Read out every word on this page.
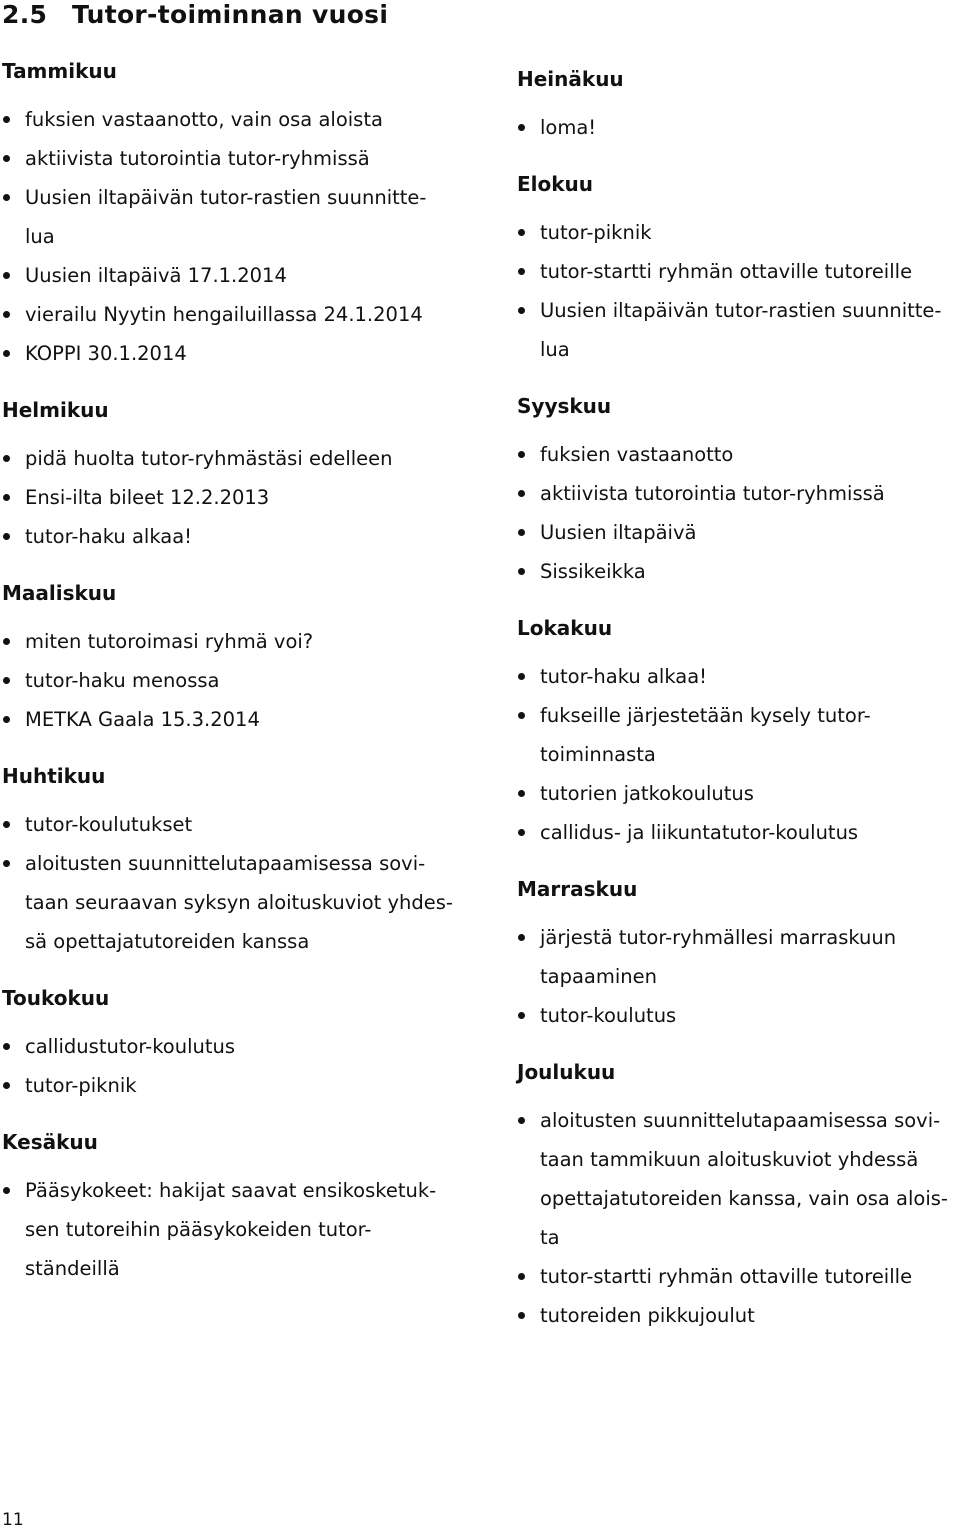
2.5 Tutor-toiminnan vuosi
Tammikuu
fuksien vastaanotto, vain osa aloista
aktiivista tutorointia tutor-ryhmissä
Uusien iltapäivän tutor-rastien suunnitte-
lua
Uusien iltapäivä 17.1.2014
vierailu Nyytin hengailuillassa 24.1.2014
KOPPI 30.1.2014
Helmikuu
pidä huolta tutor-ryhmästäsi edelleen
Ensi-ilta bileet 12.2.2013
tutor-haku alkaa!
Maaliskuu
miten tutoroimasi ryhmä voi?
tutor-haku menossa
METKA Gaala 15.3.2014
Huhtikuu
tutor-koulutukset
aloitusten suunnittelutapaamisessa sovi-
taan seuraavan syksyn aloituskuviot yhdes-
sä opettajatutoreiden kanssa
Toukokuu
callidustutor-koulutus
tutor-piknik
Kesäkuu
Pääsykokeet: hakijat saavat ensikosketuk-
sen tutoreihin pääsykokeiden tutor-
ständeillä
Heinäkuu
loma!
Elokuu
tutor-piknik
tutor-startti ryhmän ottaville tutoreille
Uusien iltapäivän tutor-rastien suunnitte-
lua
Syyskuu
fuksien vastaanotto
aktiivista tutorointia tutor-ryhmissä
Uusien iltapäivä
Sissikeikka
Lokakuu
tutor-haku alkaa!
fukseille järjestetään kysely tutor-
toiminnasta
tutorien jatkokoulutus
callidus- ja liikuntatutor-koulutus
Marraskuu
järjestä tutor-ryhmällesi marraskuun
tapaaminen
tutor-koulutus
Joulukuu
aloitusten suunnittelutapaamisessa sovi-
taan tammikuun aloituskuviot yhdessä
opettajatutoreiden kanssa, vain osa alois-
ta
tutor-startti ryhmän ottaville tutoreille
tutoreiden pikkujoulut
11
